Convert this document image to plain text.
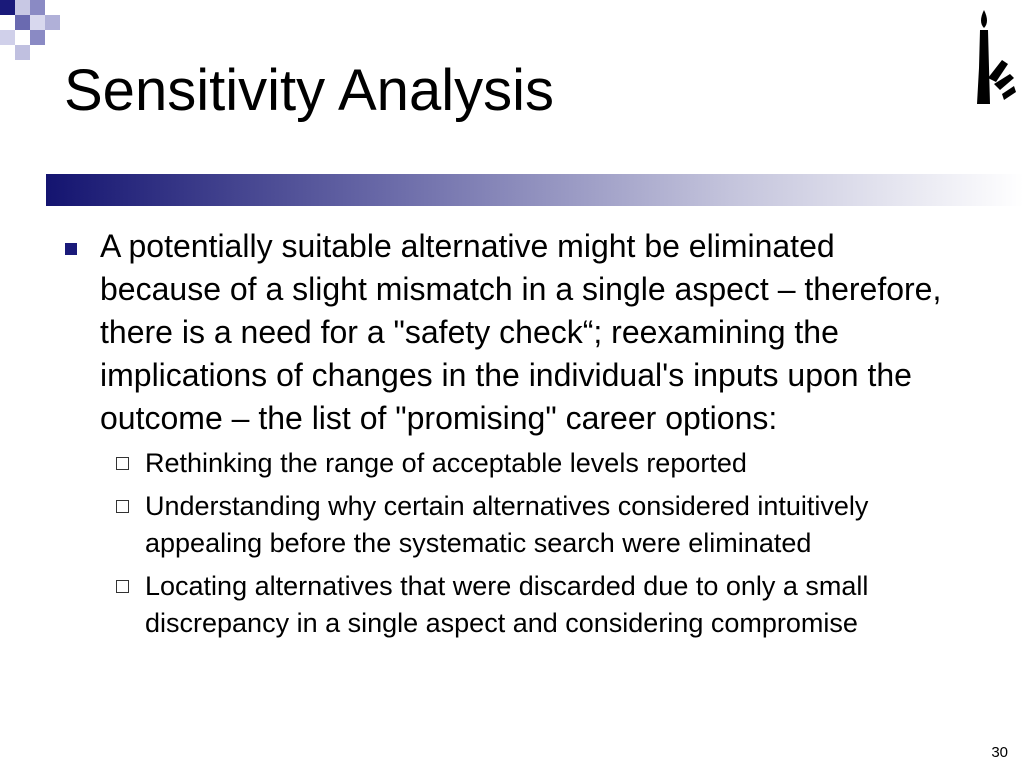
Sensitivity Analysis
A potentially suitable alternative might be eliminated because of a slight mismatch in a single aspect – therefore, there is a need for a "safety check“; reexamining the implications of changes in the individual's inputs upon the outcome – the list of "promising" career options:
Rethinking the range of acceptable levels reported
Understanding why certain alternatives considered intuitively appealing before the systematic search were eliminated
Locating alternatives that were discarded due to only a small discrepancy in a single aspect and considering compromise
30
